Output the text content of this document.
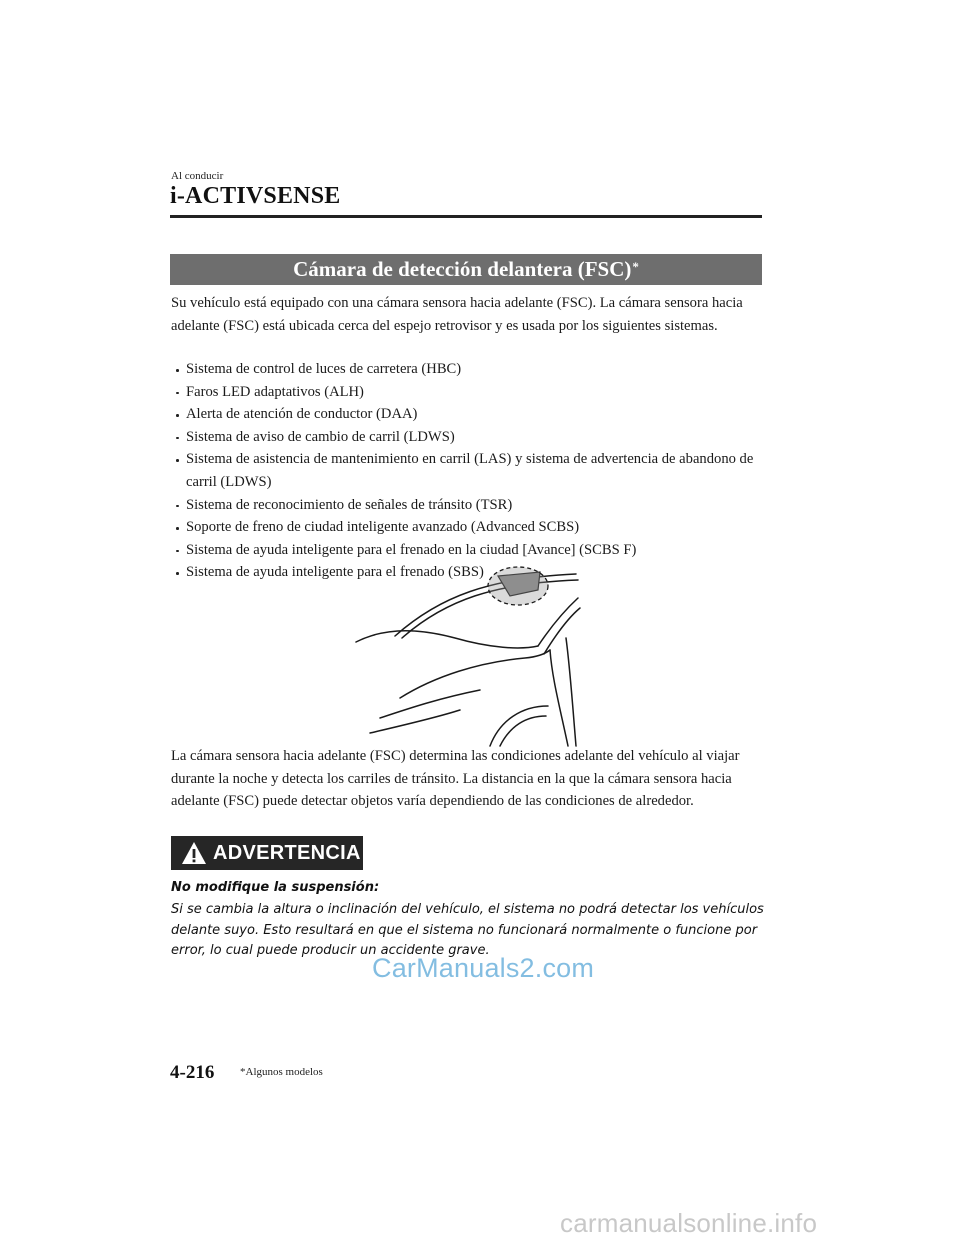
Al conducir
i-ACTIVSENSE
Cámara de detección delantera (FSC)*

Su vehículo está equipado con una cámara sensora hacia adelante (FSC). La cámara sensora hacia adelante (FSC) está ubicada cerca del espejo retrovisor y es usada por los siguientes sistemas.

Sistema de control de luces de carretera (HBC)
Faros LED adaptativos (ALH)
Alerta de atención de conductor (DAA)
Sistema de aviso de cambio de carril (LDWS)
Sistema de asistencia de mantenimiento en carril (LAS) y sistema de advertencia de abandono de carril (LDWS)
Sistema de reconocimiento de señales de tránsito (TSR)
Soporte de freno de ciudad inteligente avanzado (Advanced SCBS)
Sistema de ayuda inteligente para el frenado en la ciudad [Avance] (SCBS F)
Sistema de ayuda inteligente para el frenado (SBS)

La cámara sensora hacia adelante (FSC) determina las condiciones adelante del vehículo al viajar durante la noche y detecta los carriles de tránsito. La distancia en la que la cámara sensora hacia adelante (FSC) puede detectar objetos varía dependiendo de las condiciones de alrededor.

ADVERTENCIA
No modifique la suspensión:

Si se cambia la altura o inclinación del vehículo, el sistema no podrá detectar los vehículos delante suyo. Esto resultará en que el sistema no funcionará normalmente o funcione por error, lo cual puede producir un accidente grave.

CarManuals2.com
4-216 *Algunos modelos
carmanualsonline.info
